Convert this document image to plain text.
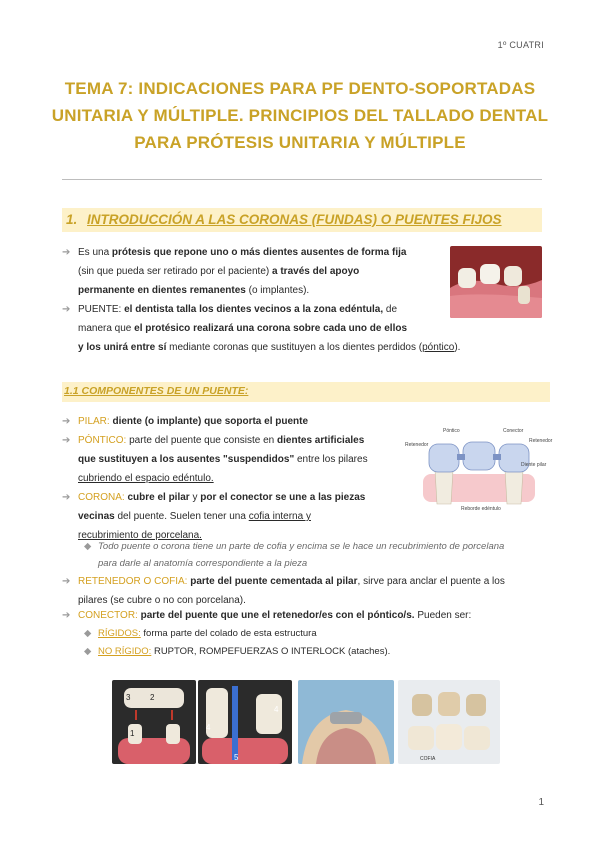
1º CUATRI
TEMA 7: INDICACIONES PARA PF DENTO-SOPORTADAS
UNITARIA Y MÚLTIPLE. PRINCIPIOS DEL TALLADO DENTAL
PARA PRÓTESIS UNITARIA Y MÚLTIPLE
1. INTRODUCCIÓN A LAS CORONAS (FUNDAS) O PUENTES FIJOS
➔ Es una prótesis que repone uno o más dientes ausentes de forma fija
(sin que pueda ser retirado por el paciente) a través del apoyo
permanente en dientes remanentes (o implantes).
➔ PUENTE: el dentista talla los dientes vecinos a la zona edéntula, de
manera que el protésico realizará una corona sobre cada uno de ellos
y los unirá entre sí mediante coronas que sustituyen a los dientes perdidos (póntico).
1.1 COMPONENTES DE UN PUENTE:
➔ PILAR: diente (o implante) que soporta el puente
➔ PÓNTICO: parte del puente que consiste en dientes artificiales
que sustituyen a los ausentes "suspendidos" entre los pilares
cubriendo el espacio edéntulo.
➔ CORONA: cubre el pilar y por el conector se une a las piezas
vecinas del puente. Suelen tener una cofia interna y
recubrimiento de porcelana.
◆ Todo puente o corona tiene un parte de cofia y encima se le hace un recubrimiento de porcelana
para darle al anatomía correspondiente a la pieza
➔ RETENEDOR O COFIA: parte del puente cementada al pilar, sirve para anclar el puente a los
pilares (se cubre o no con porcelana).
➔ CONECTOR: parte del puente que une el retenedor/es con el póntico/s. Pueden ser:
◆ RÍGIDOS: forma parte del colado de esta estructura
◆ NO RÍGIDO: RUPTOR, ROMPEFUERZAS O INTERLOCK (ataches).
Póntico	Conector
Retenedor
Retenedor
Diente pilar
Reborde edéntulo
3 2
1
4
4
5	COFIA
1
